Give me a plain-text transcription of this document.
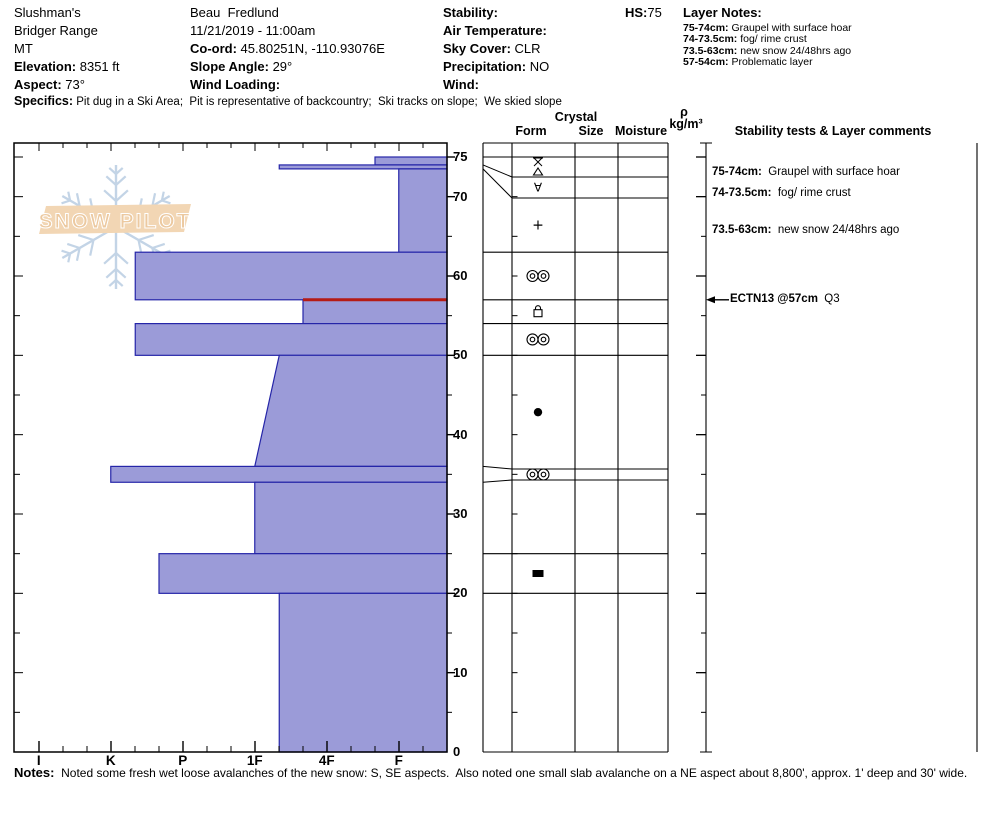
SNOW PILOT
∀
+
Slushman's
Bridger Range
MT
Elevation: 8351 ft
Aspect: 73°
Beau  Fredlund
11/21/2019 - 11:00am
Co-ord: 45.80251N, -110.93076E
Slope Angle: 29°
Wind Loading:
Stability:
Air Temperature:
Sky Cover: CLR
Precipitation: NO
Wind:
HS:75 Layer Notes:
75-74cm: Graupel with surface hoar
74-73.5cm: fog/ rime crust
73.5-63cm: new snow 24/48hrs ago
57-54cm: Problematic layer
Specifics: Pit dug in a Ski Area;  Pit is representative of backcountry;  Ski tracks on slope;  We skied slope
Crystal
Form	Size Moisture
ρ
kg/m³	Stability tests & Layer comments
75
70
60
50
40
30
20
10
0
I	K	P	1F	4F	F
75-74cm:  Graupel with surface hoar
74-73.5cm:  fog/ rime crust
73.5-63cm:  new snow 24/48hrs ago
ECTN13 @57cm  Q3
Notes: Noted some fresh wet loose avalanches of the new snow: S, SE aspects.  Also noted one small slab avalanche on a NE aspect about 8,800', approx. 1' deep and 30' wide.
